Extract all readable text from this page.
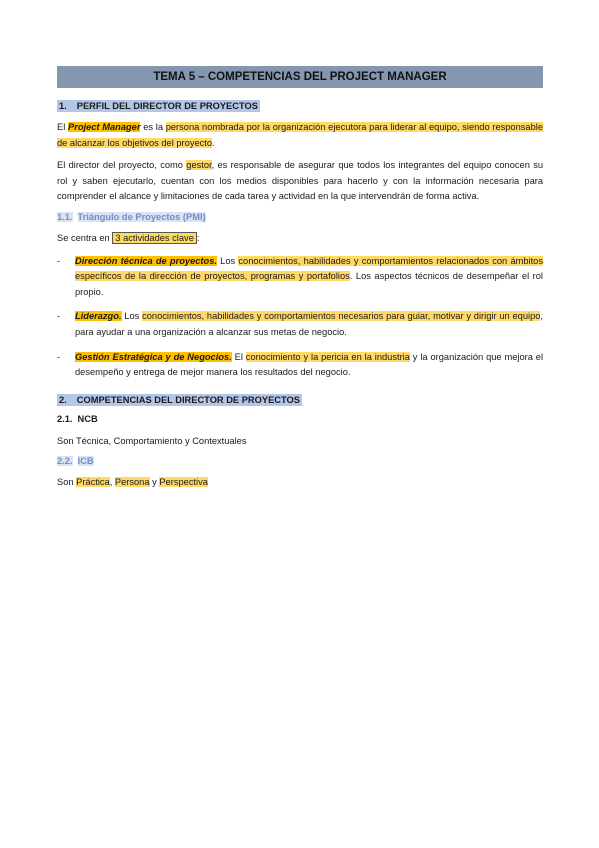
TEMA 5 – COMPETENCIAS DEL PROJECT MANAGER
1. PERFIL DEL DIRECTOR DE PROYECTOS

El Project Manager es la persona nombrada por la organización ejecutora para liderar al equipo, siendo responsable de alcanzar los objetivos del proyecto.

El director del proyecto, como gestor, es responsable de asegurar que todos los integrantes del equipo conocen su rol y saben ejecutarlo, cuentan con los medios disponibles para hacerlo y con la información necesaria para comprender el alcance y limitaciones de cada tarea y actividad en la que intervendrán de forma activa.

1.1. Triángulo de Proyectos (PMI)

Se centra en 3 actividades clave :

- Dirección técnica de proyectos. Los conocimientos, habilidades y comportamientos relacionados con ámbitos específicos de la dirección de proyectos, programas y portafolios. Los aspectos técnicos de desempeñar el rol propio.
- Liderazgo. Los conocimientos, habilidades y comportamientos necesarios para guiar, motivar y dirigir un equipo, para ayudar a una organización a alcanzar sus metas de negocio.
- Gestión Estratégica y de Negocios. El conocimiento y la pericia en la industria y la organización que mejora el desempeño y entrega de mejor manera los resultados del negocio.
2. COMPETENCIAS DEL DIRECTOR DE PROYECTOS
2.1. NCB

Son Técnica, Comportamiento y Contextuales

2.2. ICB

Son Práctica, Persona y Perspectiva
